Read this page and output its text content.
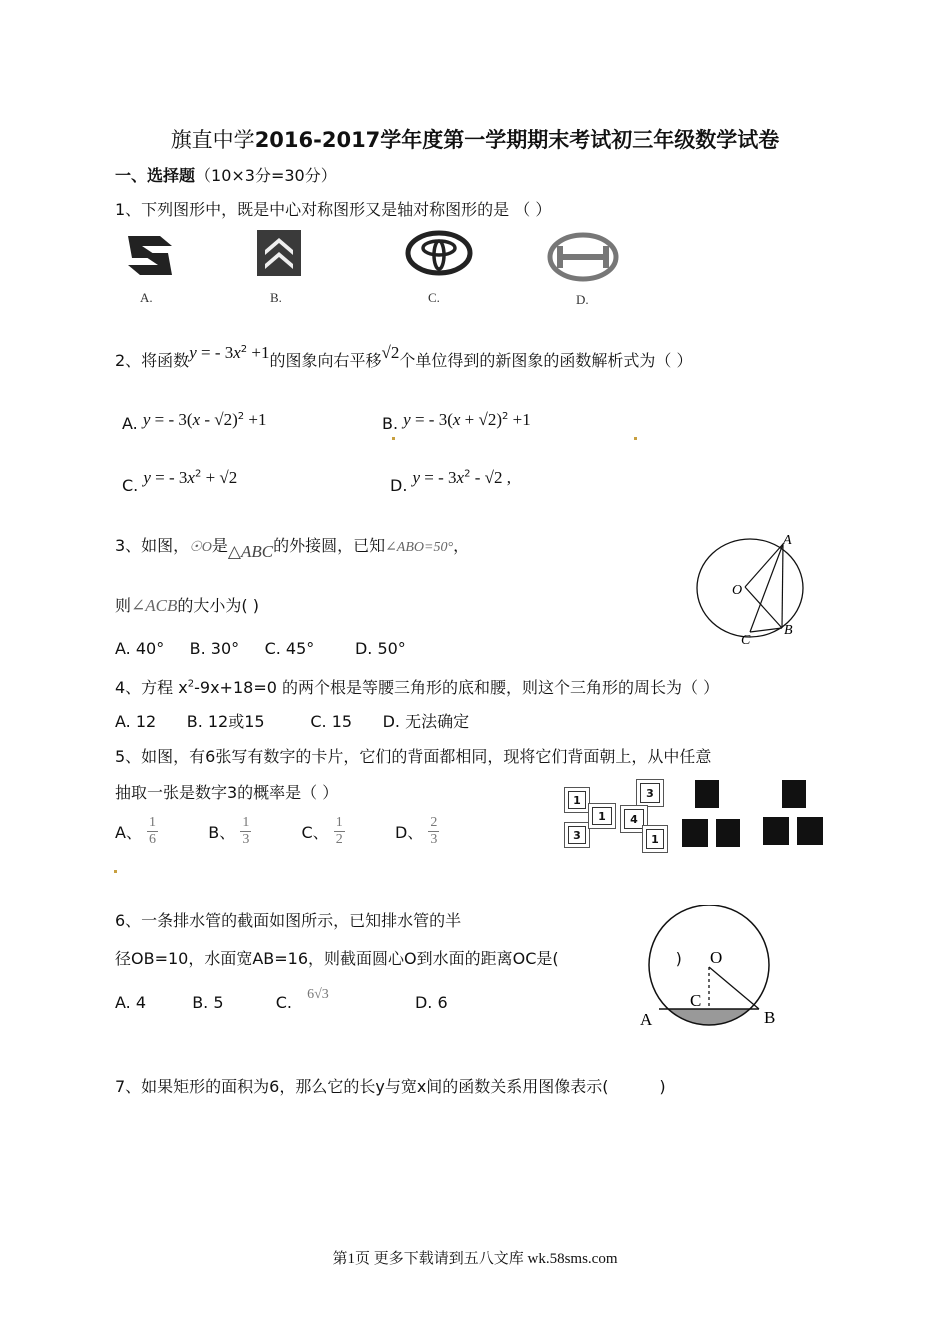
旗直中学2016-2017学年度第一学期期末考试初三年级数学试卷
一、选择题（10×3分=30分）
1、下列图形中，既是中心对称图形又是轴对称图形的是 （ ）
A.	B.	C.	D.
2、将函数y = - $3x^2 +1$的图象向右平移√2个单位得到的新图象的函数解析式为（ ）
A. y = - 3(x - √2)$^2$ +1	B. y = - $3(x + √2)^2 +1$
C. y = - $3x^2 + √2$	D. y = - $3x^2 - √2$ ,
3、如图，☉O是△ABC的外接圆，已知∠ABO=50°，
则∠ACB的大小为( )
A
O
C
B
A. 40°     B. 30°     C. 45°        D. 50°
4、方程 $x^2-9x+18=0$ 的两个根是等腰三角形的底和腰，则这个三角形的周长为（ ）
A. 12      B. 12或15         C. 15      D. 无法确定
5、如图，有6张写有数字的卡片，它们的背面都相同，现将它们背面朝上，从中任意
抽取一张是数字3的概率是（ ）
A、 $\frac{1}{6}$	B、 $\frac{1}{3}$	C、 $\frac{1}{2}$	D、 $\frac{2}{3}$
1
3
1
3
4
1
6、一条排水管的截面如图所示，已知排水管的半
径OB=10，水面宽AB=16，则截面圆心O到水面的距离OC是(                       )
A. 4	B. 5	C. 6√3	D. 6
O
C
A	B
7、如果矩形的面积为6，那么它的长y与宽x间的函数关系用图像表示(          )
第1页 更多下载请到五八文库 wk.58sms.com
